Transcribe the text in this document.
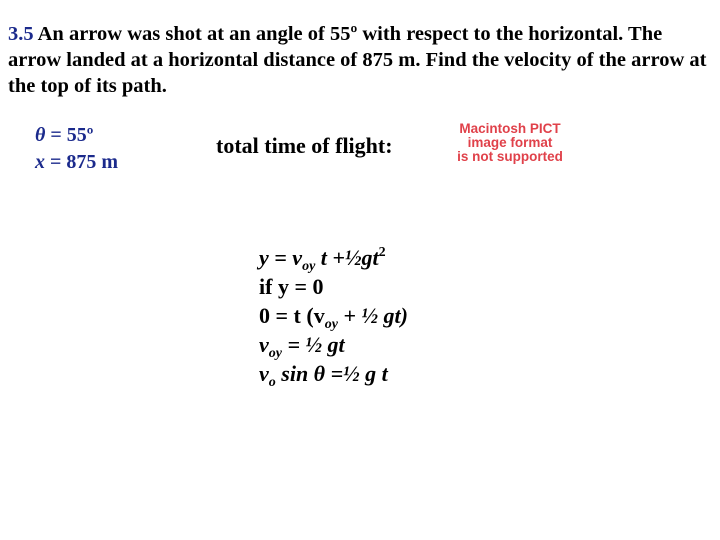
3.5 An arrow was shot at an angle of 55º with respect to the horizontal. The arrow landed at a horizontal distance of 875 m. Find the velocity of the arrow at the top of its path.

θ = 55º
x = 875 m
total time of flight:
Macintosh PICT
image format
is not supported
$y = v_{oy}$ $t +\frac{1}{2}gt^2$
if y = 0
0 = t ($v_{oy}$ + ½ gt)
$v_{oy}$ = ½ gt
$v_o$ sin θ =½ g t
